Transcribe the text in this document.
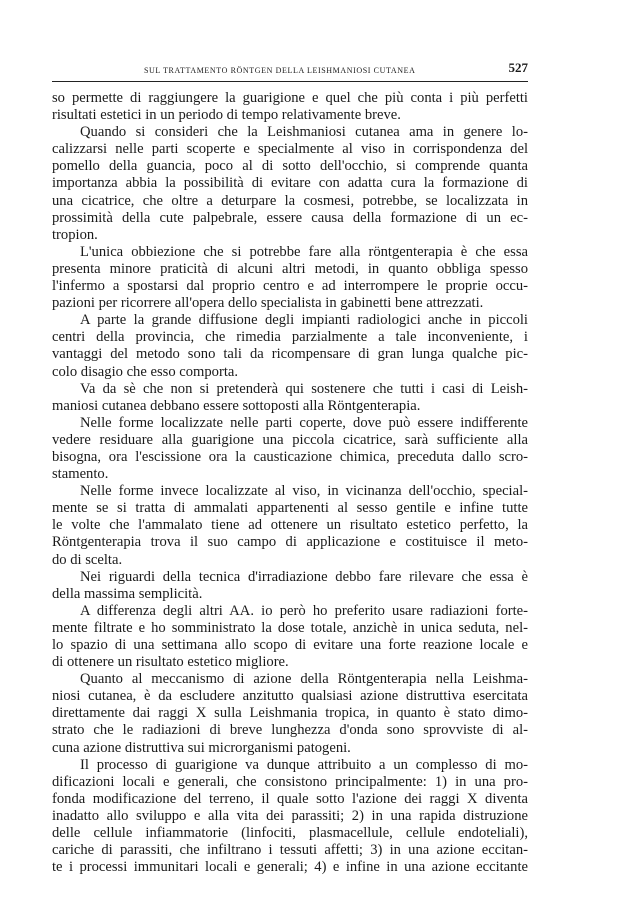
SUL TRATTAMENTO RÖNTGEN DELLA LEISHMANIOSI CUTANEA	527
so permette di raggiungere la guarigione e quel che più conta i più perfetti
risultati estetici in un periodo di tempo relativamente breve.
Quando si consideri che la Leishmaniosi cutanea ama in genere lo-
calizzarsi nelle parti scoperte e specialmente al viso in corrispondenza del
pomello della guancia, poco al di sotto dell'occhio, si comprende quanta
importanza abbia la possibilità di evitare con adatta cura la formazione di
una cicatrice, che oltre a deturpare la cosmesi, potrebbe, se localizzata in
prossimità della cute palpebrale, essere causa della formazione di un ec-
tropion.
L'unica obbiezione che si potrebbe fare alla röntgenterapia è che essa
presenta minore praticità di alcuni altri metodi, in quanto obbliga spesso
l'infermo a spostarsi dal proprio centro e ad interrompere le proprie occu-
pazioni per ricorrere all'opera dello specialista in gabinetti bene attrezzati.
A parte la grande diffusione degli impianti radiologici anche in piccoli
centri della provincia, che rimedia parzialmente a tale inconveniente, i
vantaggi del metodo sono tali da ricompensare di gran lunga qualche pic-
colo disagio che esso comporta.
Va da sè che non si pretenderà qui sostenere che tutti i casi di Leish-
maniosi cutanea debbano essere sottoposti alla Röntgenterapia.
Nelle forme localizzate nelle parti coperte, dove può essere indifferente
vedere residuare alla guarigione una piccola cicatrice, sarà sufficiente alla
bisogna, ora l'escissione ora la causticazione chimica, preceduta dallo scro-
stamento.
Nelle forme invece localizzate al viso, in vicinanza dell'occhio, special-
mente se si tratta di ammalati appartenenti al sesso gentile e infine tutte
le volte che l'ammalato tiene ad ottenere un risultato estetico perfetto, la
Röntgenterapia trova il suo campo di applicazione e costituisce il meto-
do di scelta.
Nei riguardi della tecnica d'irradiazione debbo fare rilevare che essa è
della massima semplicità.
A differenza degli altri AA. io però ho preferito usare radiazioni forte-
mente filtrate e ho somministrato la dose totale, anzichè in unica seduta, nel-
lo spazio di una settimana allo scopo di evitare una forte reazione locale e
di ottenere un risultato estetico migliore.
Quanto al meccanismo di azione della Röntgenterapia nella Leishma-
niosi cutanea, è da escludere anzitutto qualsiasi azione distruttiva esercitata
direttamente dai raggi X sulla Leishmania tropica, in quanto è stato dimo-
strato che le radiazioni di breve lunghezza d'onda sono sprovviste di al-
cuna azione distruttiva sui microrganismi patogeni.
Il processo di guarigione va dunque attribuito a un complesso di mo-
dificazioni locali e generali, che consistono principalmente: 1) in una pro-
fonda modificazione del terreno, il quale sotto l'azione dei raggi X diventa
inadatto allo sviluppo e alla vita dei parassiti; 2) in una rapida distruzione
delle cellule infiammatorie (linfociti, plasmacellule, cellule endoteliali),
cariche di parassiti, che infiltrano i tessuti affetti; 3) in una azione eccitan-
te i processi immunitari locali e generali; 4) e infine in una azione eccitante
